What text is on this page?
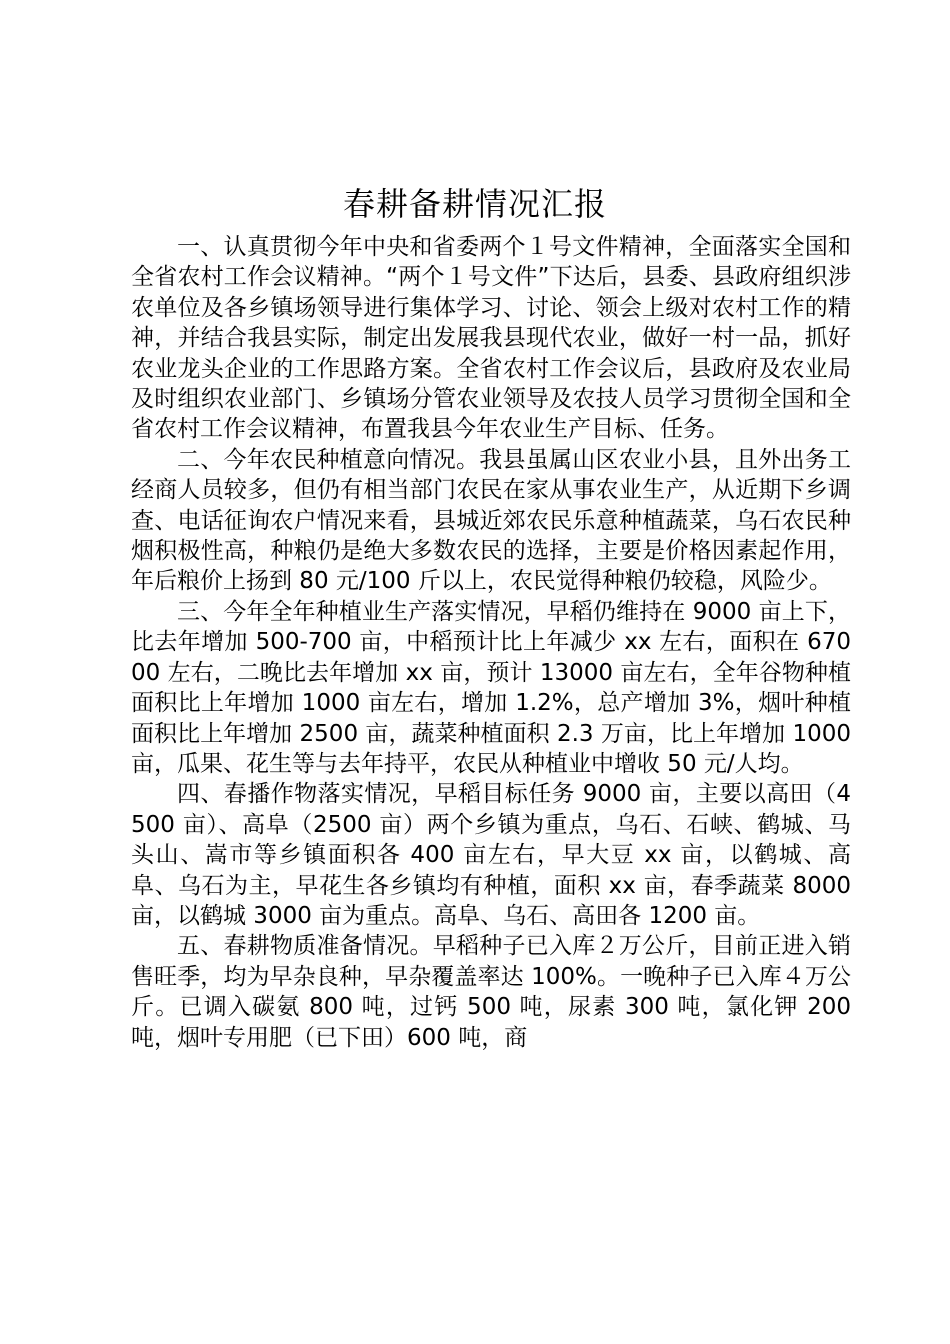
春耕备耕情况汇报

一、认真贯彻今年中央和省委两个１号文件精神，全面落实全国和全省农村工作会议精神。“两个１号文件”下达后，县委、县政府组织涉农单位及各乡镇场领导进行集体学习、讨论、领会上级对农村工作的精神，并结合我县实际，制定出发展我县现代农业，做好一村一品，抓好农业龙头企业的工作思路方案。全省农村工作会议后，县政府及农业局及时组织农业部门、乡镇场分管农业领导及农技人员学习贯彻全国和全省农村工作会议精神，布置我县今年农业生产目标、任务。

二、今年农民种植意向情况。我县虽属山区农业小县，且外出务工经商人员较多，但仍有相当部门农民在家从事农业生产，从近期下乡调查、电话征询农户情况来看，县城近郊农民乐意种植蔬菜，乌石农民种烟积极性高，种粮仍是绝大多数农民的选择，主要是价格因素起作用，年后粮价上扬到 80 元/100 斤以上，农民觉得种粮仍较稳，风险少。

三、今年全年种植业生产落实情况，早稻仍维持在 9000 亩上下，比去年增加 500-700 亩，中稻预计比上年减少 xx 左右，面积在 67000 左右，二晚比去年增加 xx 亩，预计 13000 亩左右，全年谷物种植面积比上年增加 1000 亩左右，增加 1.2%，总产增加 3%，烟叶种植面积比上年增加 2500 亩，蔬菜种植面积 2.3 万亩，比上年增加 1000 亩，瓜果、花生等与去年持平，农民从种植业中增收 50 元/人均。

四、春播作物落实情况，早稻目标任务 9000 亩，主要以高田（4500 亩）、高阜（2500 亩）两个乡镇为重点，乌石、石峡、鹤城、马头山、嵩市等乡镇面积各 400 亩左右，早大豆 xx 亩，以鹤城、高阜、乌石为主，早花生各乡镇均有种植，面积 xx 亩，春季蔬菜 8000 亩，以鹤城 3000 亩为重点。高阜、乌石、高田各 1200 亩。

五、春耕物质准备情况。早稻种子已入库２万公斤，目前正进入销售旺季，均为早杂良种，早杂覆盖率达 100%。一晚种子已入库４万公斤。已调入碳氨 800 吨，过钙 500 吨，尿素 300 吨，氯化钾 200 吨，烟叶专用肥（已下田）600 吨，商
